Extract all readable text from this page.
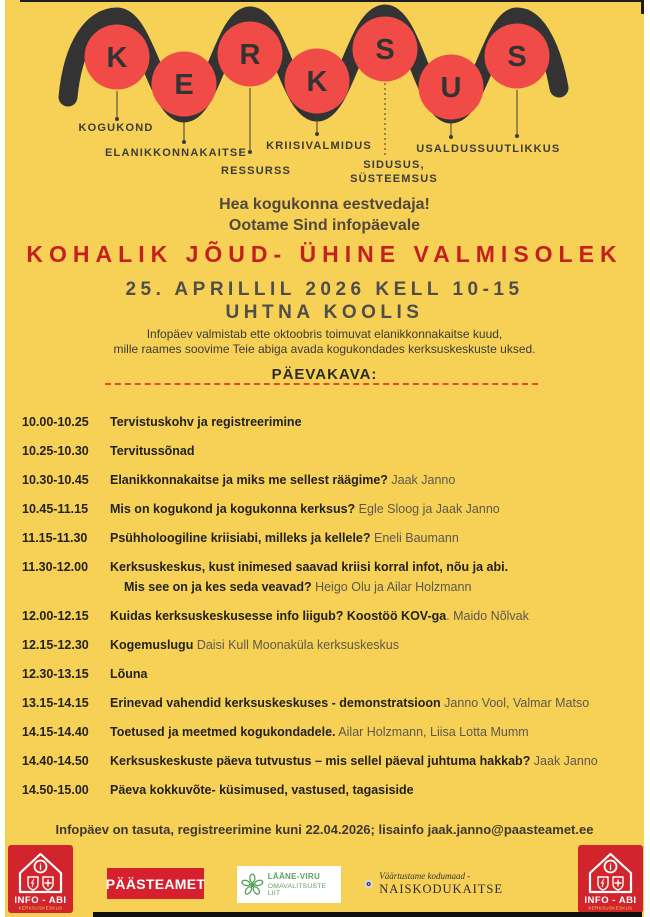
K
E
R
K
S
U
S
KOGUKOND
ELANIKKONNAKAITSE
RESSURSS
KRIISIVALMIDUS
SIDUSUS,
SÜSTEEMSUS
USALDUS SUUTLIKKUS
Hea kogukonna eestvedaja!
Ootame Sind infopäevale
KOHALIK JÕUD- ÜHINE VALMISOLEK
25. APRILLIL 2026 KELL 10-15
UHTNA KOOLIS
Infopäev valmistab ette oktoobris toimuvat elanikkonnakaitse kuud,
mille raames soovime Teie abiga avada kogukondades kerksuskeskuste uksed.
PÄEVAKAVA:
10.00-10.25	Tervistuskohv ja registreerimine
10.25-10.30	Tervitussõnad
10.30-10.45	Elanikkonnakaitse ja miks me sellest räägime? Jaak Janno
10.45-11.15	Mis on kogukond ja kogukonna kerksus? Egle Sloog ja Jaak Janno
11.15-11.30	Psühholoogiline kriisiabi, milleks ja kellele? Eneli Baumann
11.30-12.00	Kerksuskeskus, kust inimesed saavad kriisi korral infot, nõu ja abi.
Mis see on ja kes seda veavad? Heigo Olu ja Ailar Holzmann
12.00-12.15	Kuidas kerksuskeskusesse info liigub? Koostöö KOV-ga. Maido Nõlvak
12.15-12.30	Kogemuslugu Daisi Kull Moonaküla kerksuskeskus
12.30-13.15	Lõuna
13.15-14.15	Erinevad vahendid kerksuskeskuses - demonstratsioon Janno Vool, Valmar Matso
14.15-14.40	Toetused ja meetmed kogukondadele. Ailar Holzmann, Liisa Lotta Mumm
14.40-14.50	Kerksuskeskuste päeva tutvustus – mis sellel päeval juhtuma hakkab? Jaak Janno
14.50-15.00	Päeva kokkuvõte- küsimused, vastused, tagasiside
Infopäev on tasuta, registreerimine kuni 22.04.2026; lisainfo jaak.janno@paasteamet.ee
i
INFO - ABI
KERKSUSKESKUS
PÄÄSTEAMET	LÄÄNE-VIRU
OMAVALITSUSTE LIIT
Väärtustame kodumaad -
NAISKODUKAITSE
i
INFO - ABI
KERKSUSKESKUS
